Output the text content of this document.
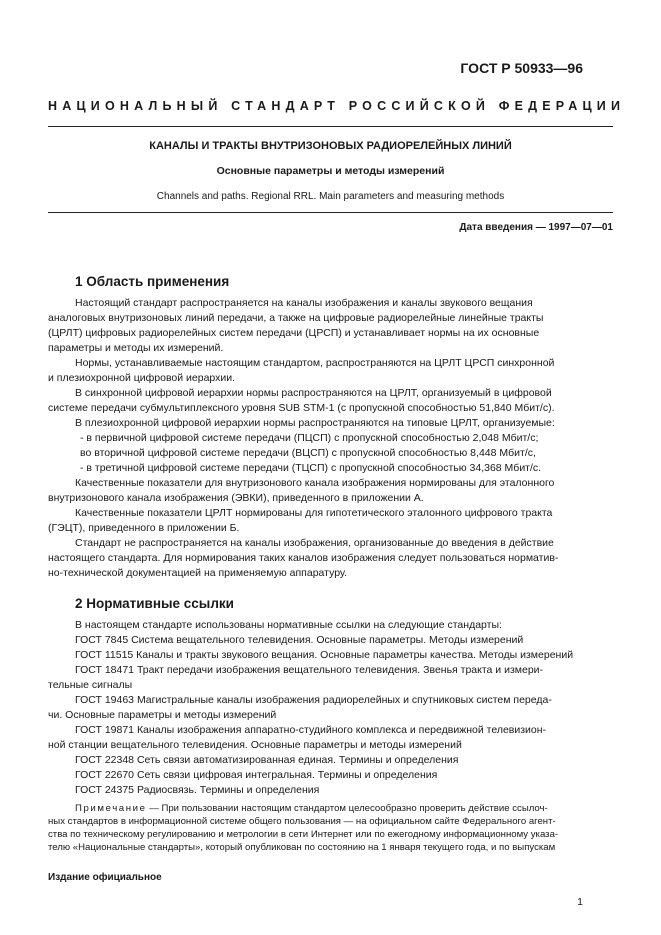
ГОСТ Р 50933—96
НАЦИОНАЛЬНЫЙ СТАНДАРТ РОССИЙСКОЙ ФЕДЕРАЦИИ
КАНАЛЫ И ТРАКТЫ ВНУТРИЗОНОВЫХ РАДИОРЕЛЕЙНЫХ ЛИНИЙ
Основные параметры и методы измерений
Channels and paths. Regional RRL. Main parameters and measuring methods
Дата введения — 1997—07—01
1 Область применения
Настоящий стандарт распространяется на каналы изображения и каналы звукового вещания
аналоговых внутризоновых линий передачи, а также на цифровые радиорелейные линейные тракты
(ЦРЛТ) цифровых радиорелейных систем передачи (ЦРСП) и устанавливает нормы на их основные
параметры и методы их измерений.
Нормы, устанавливаемые настоящим стандартом, распространяются на ЦРЛТ ЦРСП синхронной
и плезиохронной цифровой иерархии.
В синхронной цифровой иерархии нормы распространяются на ЦРЛТ, организуемый в цифровой
системе передачи субмультиплексного уровня SUB STM-1 (с пропускной способностью 51,840 Мбит/с).
В плезиохронной цифровой иерархии нормы распространяются на типовые ЦРЛТ, организуемые:
- в первичной цифровой системе передачи (ПЦСП) с пропускной способностью 2,048 Мбит/с;
во вторичной цифровой системе передачи (ВЦСП) с пропускной способностью 8,448 Мбит/с,
- в третичной цифровой системе передачи (ТЦСП) с пропускной способностью 34,368 Мбит/с.
Качественные показатели для внутризонового канала изображения нормированы для эталонного
внутризонового канала изображения (ЭВКИ), приведенного в приложении А.
Качественные показатели ЦРЛТ нормированы для гипотетического эталонного цифрового тракта
(ГЭЦТ), приведенного в приложении Б.
Стандарт не распространяется на каналы изображения, организованные до введения в действие
настоящего стандарта. Для нормирования таких каналов изображения следует пользоваться норматив-
но-технической документацией на применяемую аппаратуру.
2 Нормативные ссылки
В настоящем стандарте использованы нормативные ссылки на следующие стандарты:
ГОСТ 7845 Система вещательного телевидения. Основные параметры. Методы измерений
ГОСТ 11515 Каналы и тракты звукового вещания. Основные параметры качества. Методы измерений
ГОСТ 18471 Тракт передачи изображения вещательного телевидения. Звенья тракта и измери-
тельные сигналы
ГОСТ 19463 Магистральные каналы изображения радиорелейных и спутниковых систем переда-
чи. Основные параметры и методы измерений
ГОСТ 19871 Каналы изображения аппаратно-студийного комплекса и передвижной телевизион-
ной станции вещательного телевидения. Основные параметры и методы измерений
ГОСТ 22348 Сеть связи автоматизированная единая. Термины и определения
ГОСТ 22670 Сеть связи цифровая интегральная. Термины и определения
ГОСТ 24375 Радиосвязь. Термины и определения
Примечание — При пользовании настоящим стандартом целесообразно проверить действие ссылоч-
ных стандартов в информационной системе общего пользования — на официальном сайте Федерального агент-
ства по техническому регулированию и метрологии в сети Интернет или по ежегодному информационному указа-
телю «Национальные стандарты», который опубликован по состоянию на 1 января текущего года, и по выпускам
Издание официальное
1
